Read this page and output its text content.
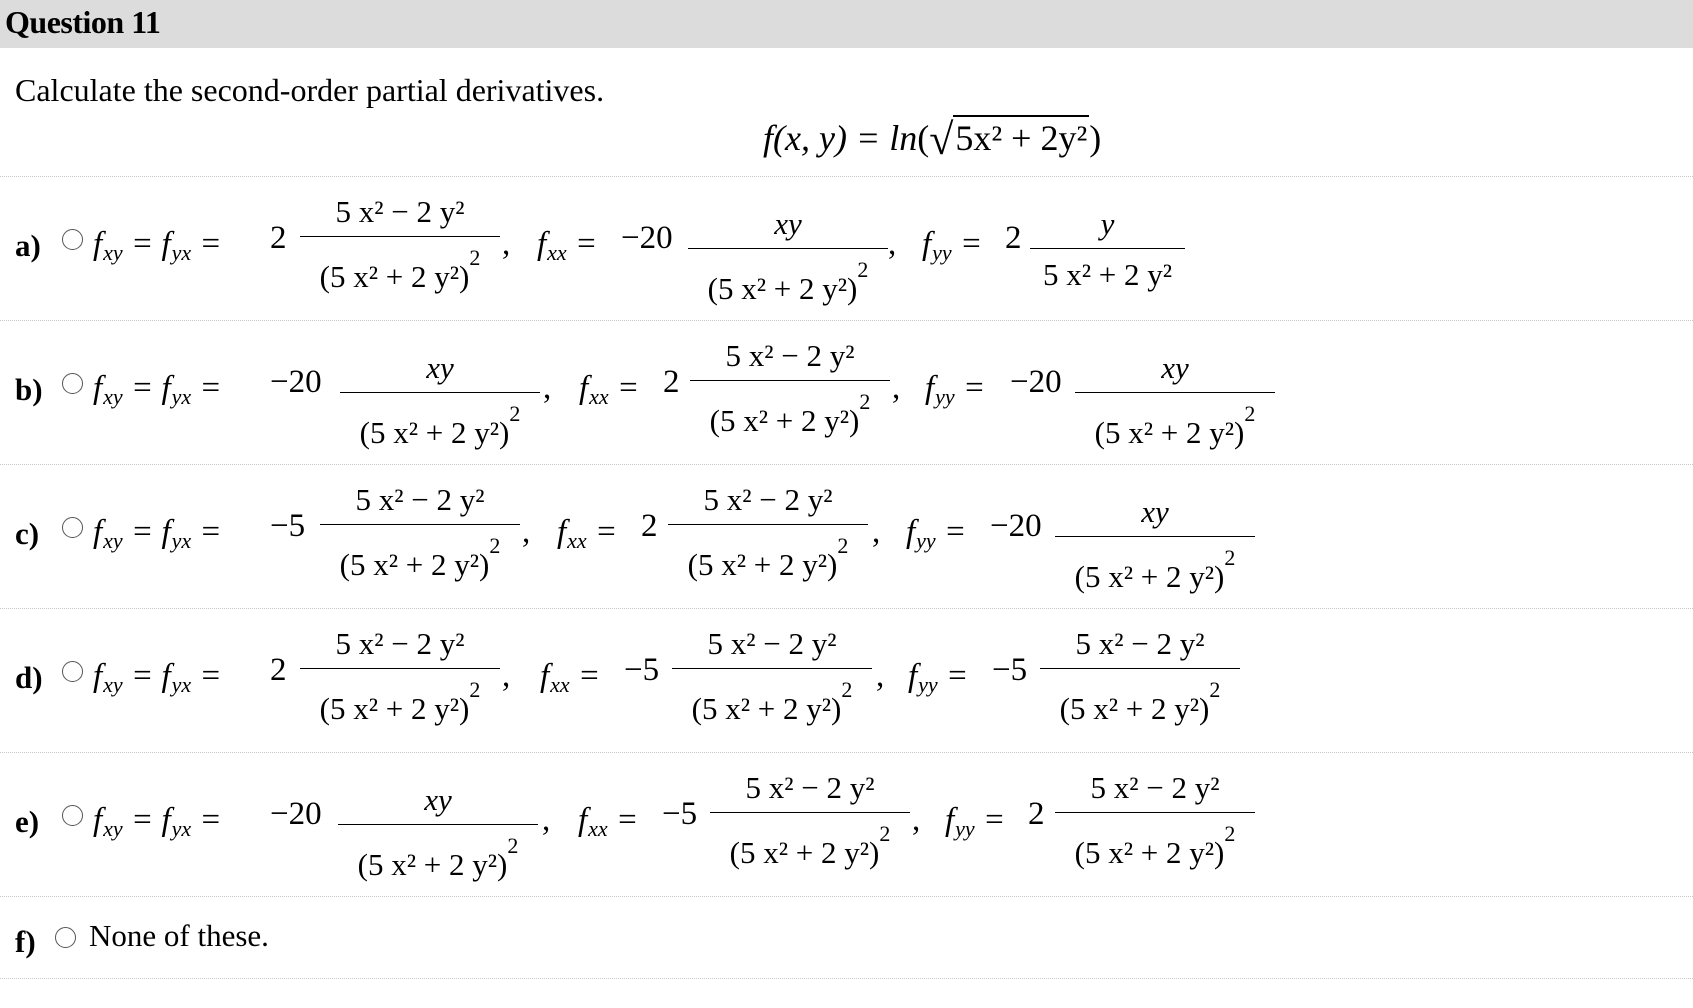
Question 11
Calculate the second-order partial derivatives.
f(x, y) = ln(√5x² + 2y²)
a) $f_{xy} = f_{yx} = 2$
5 x² − 2 y²
(5 x² + 2 y²)$^2$ , $f_{xx} = -20$	xy
(5 x² + 2 y²)$^2$
, $f_{yy} = 2$	y
5 x² + 2 y²
b) $f_{xy} = f_{yx} = -20$	xy
(5 x² + 2 y²)$^2$
, $f_{xx} = 2$
5 x² − 2 y²
(5 x² + 2 y²)$^2$ , $f_{yy} = -20$	xy
(5 x² + 2 y²)$^2$
c) $f_{xy} = f_{yx} = -5$
5 x² − 2 y²
(5 x² + 2 y²)$^2$ , $f_{xx} = 2$
5 x² − 2 y²
(5 x² + 2 y²)$^2$ , $f_{yy} = -20$	xy
(5 x² + 2 y²)$^2$
d) $f_{xy} = f_{yx} = 2$
5 x² − 2 y²
(5 x² + 2 y²)$^2$ , $f_{xx} = -5$
5 x² − 2 y²
(5 x² + 2 y²)$^2$ , $f_{yy} = -5$
5 x² − 2 y²
(5 x² + 2 y²)$^2$
e) $f_{xy} = f_{yx} = -20$	xy
(5 x² + 2 y²)$^2$
, $f_{xx} = -5$
5 x² − 2 y²
(5 x² + 2 y²)$^2$ , $f_{yy} = 2$
5 x² − 2 y²
(5 x² + 2 y²)$^2$
f) None of these.
